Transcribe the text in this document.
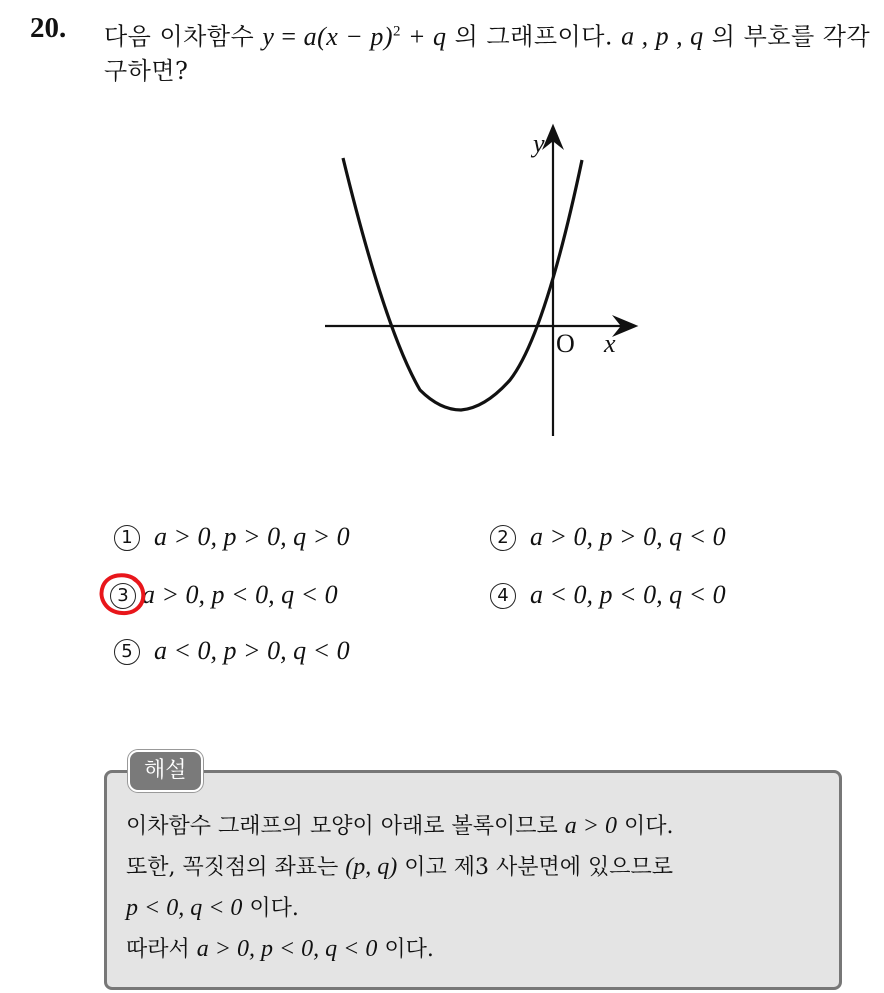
20. 다음 이차함수 $y = a(x - p)^2 + q$ 의 그래프이다. a , p , q 의 부호를 각각 구하면?
y
x
O
1 a > 0, p > 0, q > 0	2 a > 0, p > 0, q < 0
3 a > 0, p < 0, q < 0	4 a < 0, p < 0, q < 0
5 a < 0, p > 0, q < 0
해설
이차함수 그래프의 모양이 아래로 볼록이므로 a > 0 이다.
또한, 꼭짓점의 좌표는 (p, q) 이고 제3 사분면에 있으므로
p < 0, q < 0 이다.
따라서 a > 0, p < 0, q < 0 이다.
